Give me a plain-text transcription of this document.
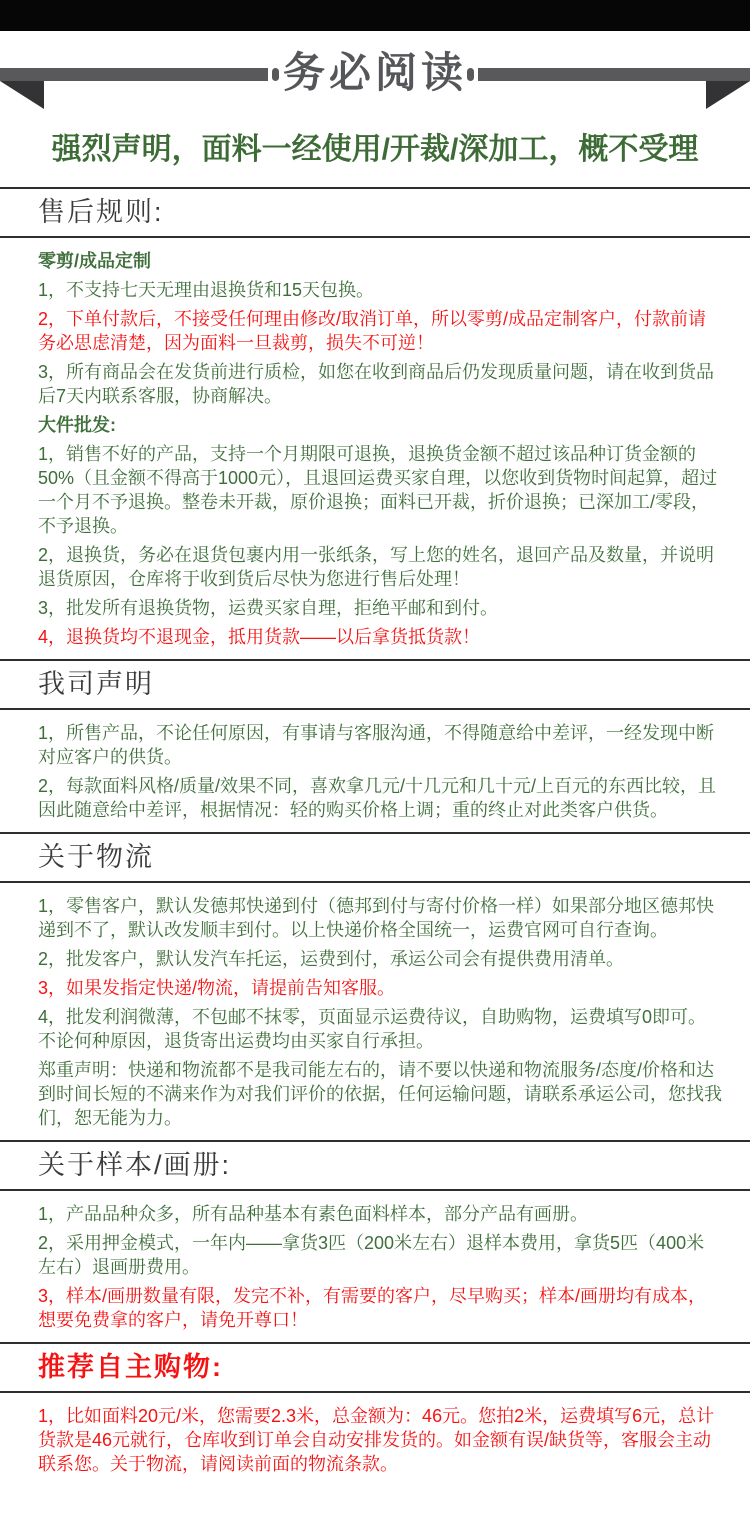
务必阅读
强烈声明，面料一经使用/开裁/深加工，概不受理
售后规则:

零剪/成品定制

1，不支持七天无理由退换货和15天包换。

2，下单付款后，不接受任何理由修改/取消订单，所以零剪/成品定制客户，付款前请务必思虑清楚，因为面料一旦裁剪，损失不可逆！

3，所有商品会在发货前进行质检，如您在收到商品后仍发现质量问题，请在收到货品后7天内联系客服，协商解决。

大件批发:

1，销售不好的产品，支持一个月期限可退换，退换货金额不超过该品种订货金额的50%（且金额不得高于1000元），且退回运费买家自理，以您收到货物时间起算，超过一个月不予退换。整卷未开裁，原价退换；面料已开裁，折价退换；已深加工/零段，不予退换。

2，退换货，务必在退货包裹内用一张纸条，写上您的姓名，退回产品及数量，并说明退货原因，仓库将于收到货后尽快为您进行售后处理！

3，批发所有退换货物，运费买家自理，拒绝平邮和到付。

4，退换货均不退现金，抵用货款——以后拿货抵货款！

我司声明

1，所售产品，不论任何原因，有事请与客服沟通，不得随意给中差评，一经发现中断对应客户的供货。

2，每款面料风格/质量/效果不同，喜欢拿几元/十几元和几十元/上百元的东西比较，且因此随意给中差评，根据情况：轻的购买价格上调；重的终止对此类客户供货。

关于物流

1，零售客户，默认发德邦快递到付（德邦到付与寄付价格一样）如果部分地区德邦快递到不了，默认改发顺丰到付。以上快递价格全国统一，运费官网可自行查询。

2，批发客户，默认发汽车托运，运费到付，承运公司会有提供费用清单。

3，如果发指定快递/物流，请提前告知客服。

4，批发利润微薄，不包邮不抹零，页面显示运费待议，自助购物，运费填写0即可。不论何种原因，退货寄出运费均由买家自行承担。

郑重声明：快递和物流都不是我司能左右的，请不要以快递和物流服务/态度/价格和达到时间长短的不满来作为对我们评价的依据，任何运输问题，请联系承运公司，您找我们，恕无能为力。

关于样本/画册:

1，产品品种众多，所有品种基本有素色面料样本，部分产品有画册。

2，采用押金模式，一年内——拿货3匹（200米左右）退样本费用，拿货5匹（400米左右）退画册费用。

3，样本/画册数量有限，发完不补，有需要的客户，尽早购买；样本/画册均有成本，想要免费拿的客户，请免开尊口！

推荐自主购物:

1，比如面料20元/米，您需要2.3米，总金额为：46元。您拍2米，运费填写6元，总计货款是46元就行，仓库收到订单会自动安排发货的。如金额有误/缺货等，客服会主动联系您。关于物流，请阅读前面的物流条款。
